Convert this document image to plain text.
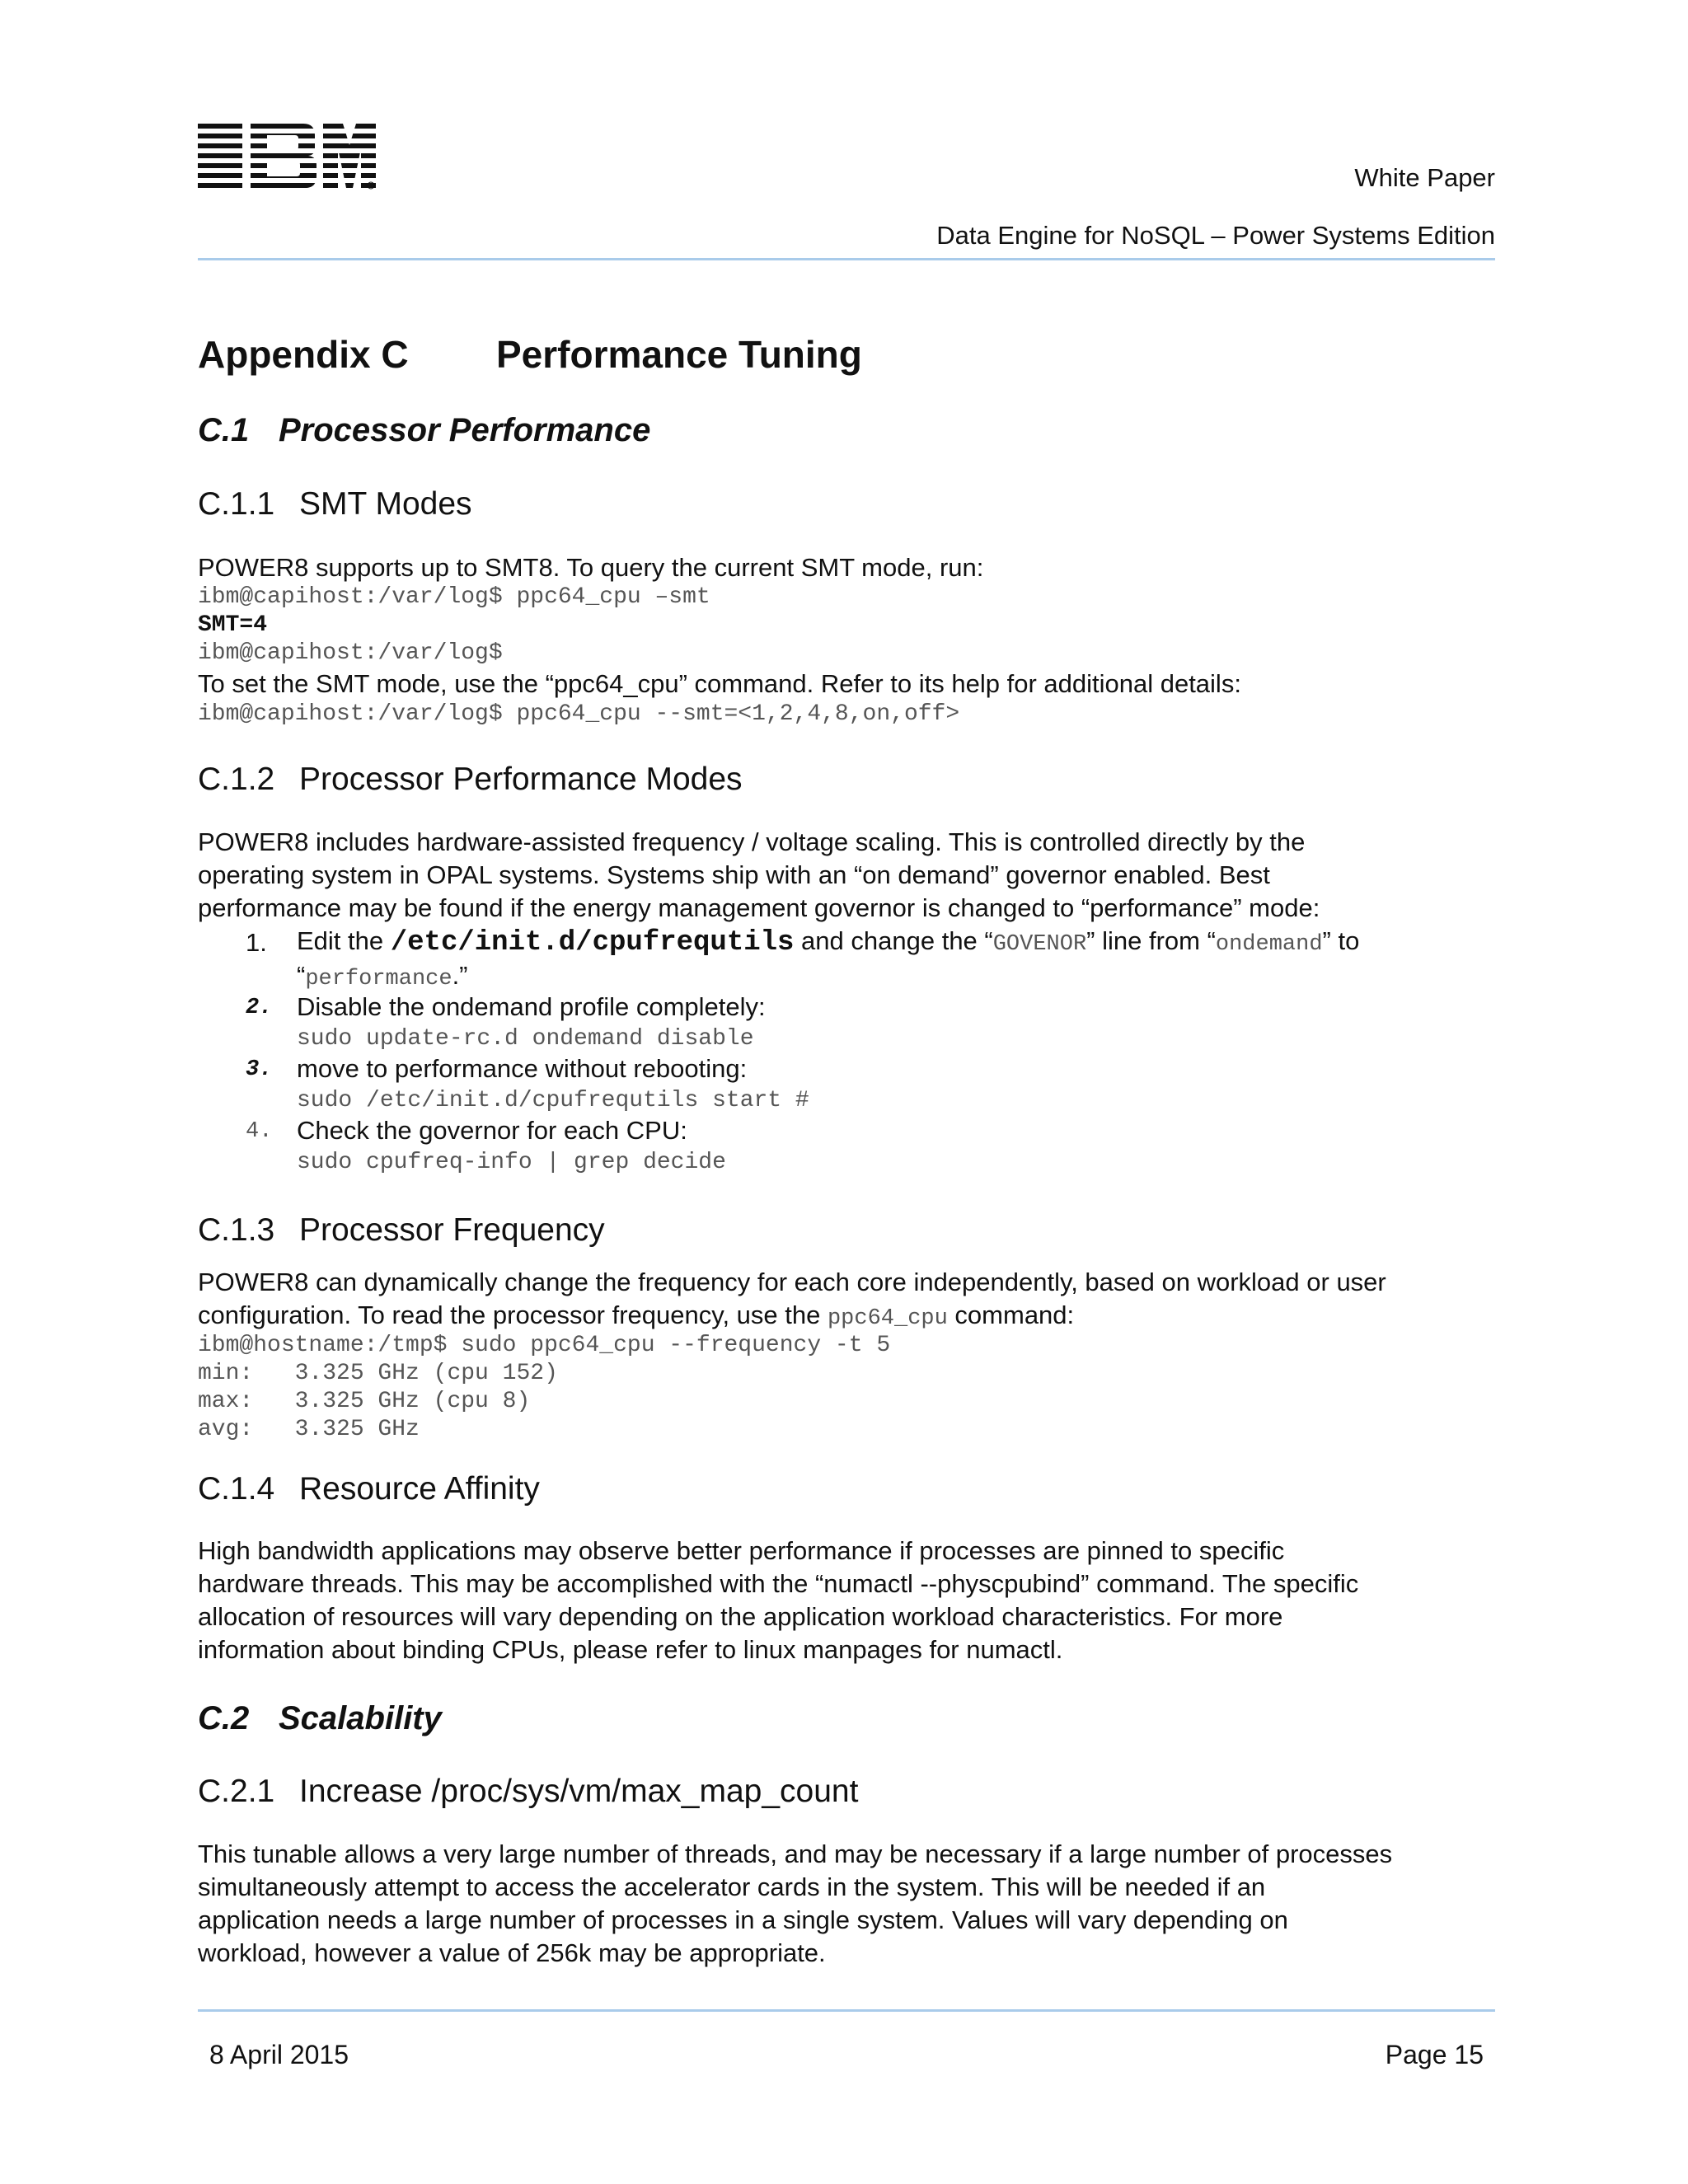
White Paper
Data Engine for NoSQL – Power Systems Edition
Appendix C Performance Tuning
C.1 Processor Performance
C.1.1 SMT Modes
POWER8 supports up to SMT8. To query the current SMT mode, run:
ibm@capihost:/var/log$ ppc64_cpu –smt
SMT=4
ibm@capihost:/var/log$
To set the SMT mode, use the “ppc64_cpu” command. Refer to its help for additional details:
ibm@capihost:/var/log$ ppc64_cpu --smt=<1,2,4,8,on,off>
C.1.2 Processor Performance Modes
POWER8 includes hardware-assisted frequency / voltage scaling. This is controlled directly by the
operating system in OPAL systems. Systems ship with an “on demand” governor enabled. Best
performance may be found if the energy management governor is changed to “performance” mode:
1. Edit the /etc/init.d/cpufrequtils and change the “GOVENOR” line from “ondemand” to
“performance.”
2. Disable the ondemand profile completely:
sudo update-rc.d ondemand disable
3. move to performance without rebooting:
sudo /etc/init.d/cpufrequtils start #
4. Check the governor for each CPU:
sudo cpufreq-info | grep decide
C.1.3 Processor Frequency
POWER8 can dynamically change the frequency for each core independently, based on workload or user
configuration. To read the processor frequency, use the ppc64_cpu command:
ibm@hostname:/tmp$ sudo ppc64_cpu --frequency -t 5
min:   3.325 GHz (cpu 152)
max:   3.325 GHz (cpu 8)
avg:   3.325 GHz
C.1.4 Resource Affinity
High bandwidth applications may observe better performance if processes are pinned to specific
hardware threads. This may be accomplished with the “numactl --physcpubind” command. The specific
allocation of resources will vary depending on the application workload characteristics. For more
information about binding CPUs, please refer to linux manpages for numactl.
C.2 Scalability
C.2.1 Increase /proc/sys/vm/max_map_count
This tunable allows a very large number of threads, and may be necessary if a large number of processes
simultaneously attempt to access the accelerator cards in the system. This will be needed if an
application needs a large number of processes in a single system. Values will vary depending on
workload, however a value of 256k may be appropriate.
8 April 2015	Page 15
